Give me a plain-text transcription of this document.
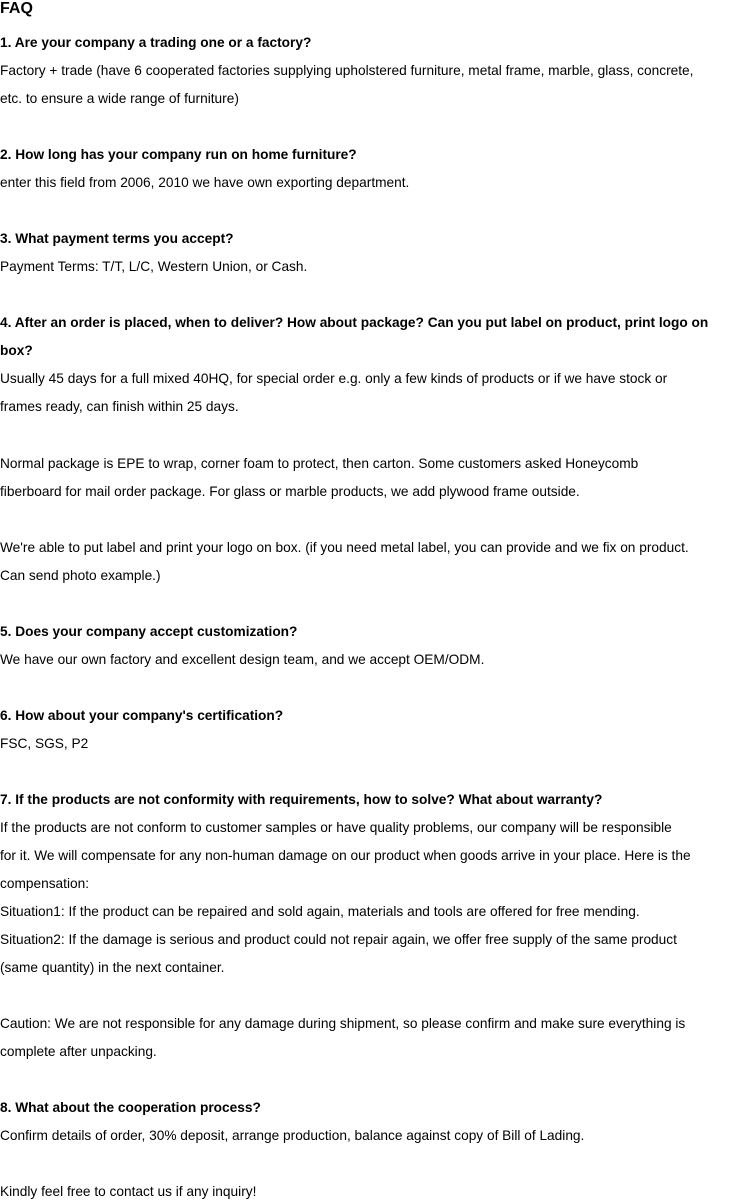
FAQ
1. Are your company a trading one or a factory?
Factory + trade (have 6 cooperated factories supplying upholstered furniture, metal frame, marble, glass, concrete,
etc. to ensure a wide range of furniture)
2. How long has your company run on home furniture?
enter this field from 2006, 2010 we have own exporting department.
3. What payment terms you accept?
Payment Terms: T/T, L/C, Western Union, or Cash.
4. After an order is placed, when to deliver? How about package? Can you put label on product, print logo on
box?
Usually 45 days for a full mixed 40HQ, for special order e.g. only a few kinds of products or if we have stock or
frames ready, can finish within 25 days.
Normal package is EPE to wrap, corner foam to protect, then carton. Some customers asked Honeycomb
fiberboard for mail order package. For glass or marble products, we add plywood frame outside.
We're able to put label and print your logo on box. (if you need metal label, you can provide and we fix on product.
Can send photo example.)
5. Does your company accept customization?
We have our own factory and excellent design team, and we accept OEM/ODM.
6. How about your company's certification?
FSC, SGS, P2
7. If the products are not conformity with requirements, how to solve? What about warranty?
If the products are not conform to customer samples or have quality problems, our company will be responsible
for it. We will compensate for any non-human damage on our product when goods arrive in your place. Here is the
compensation:
Situation1: If the product can be repaired and sold again, materials and tools are offered for free mending.
Situation2: If the damage is serious and product could not repair again, we offer free supply of the same product
(same quantity) in the next container.
Caution: We are not responsible for any damage during shipment, so please confirm and make sure everything is
complete after unpacking.
8. What about the cooperation process?
Confirm details of order, 30% deposit, arrange production, balance against copy of Bill of Lading.
Kindly feel free to contact us if any inquiry!
